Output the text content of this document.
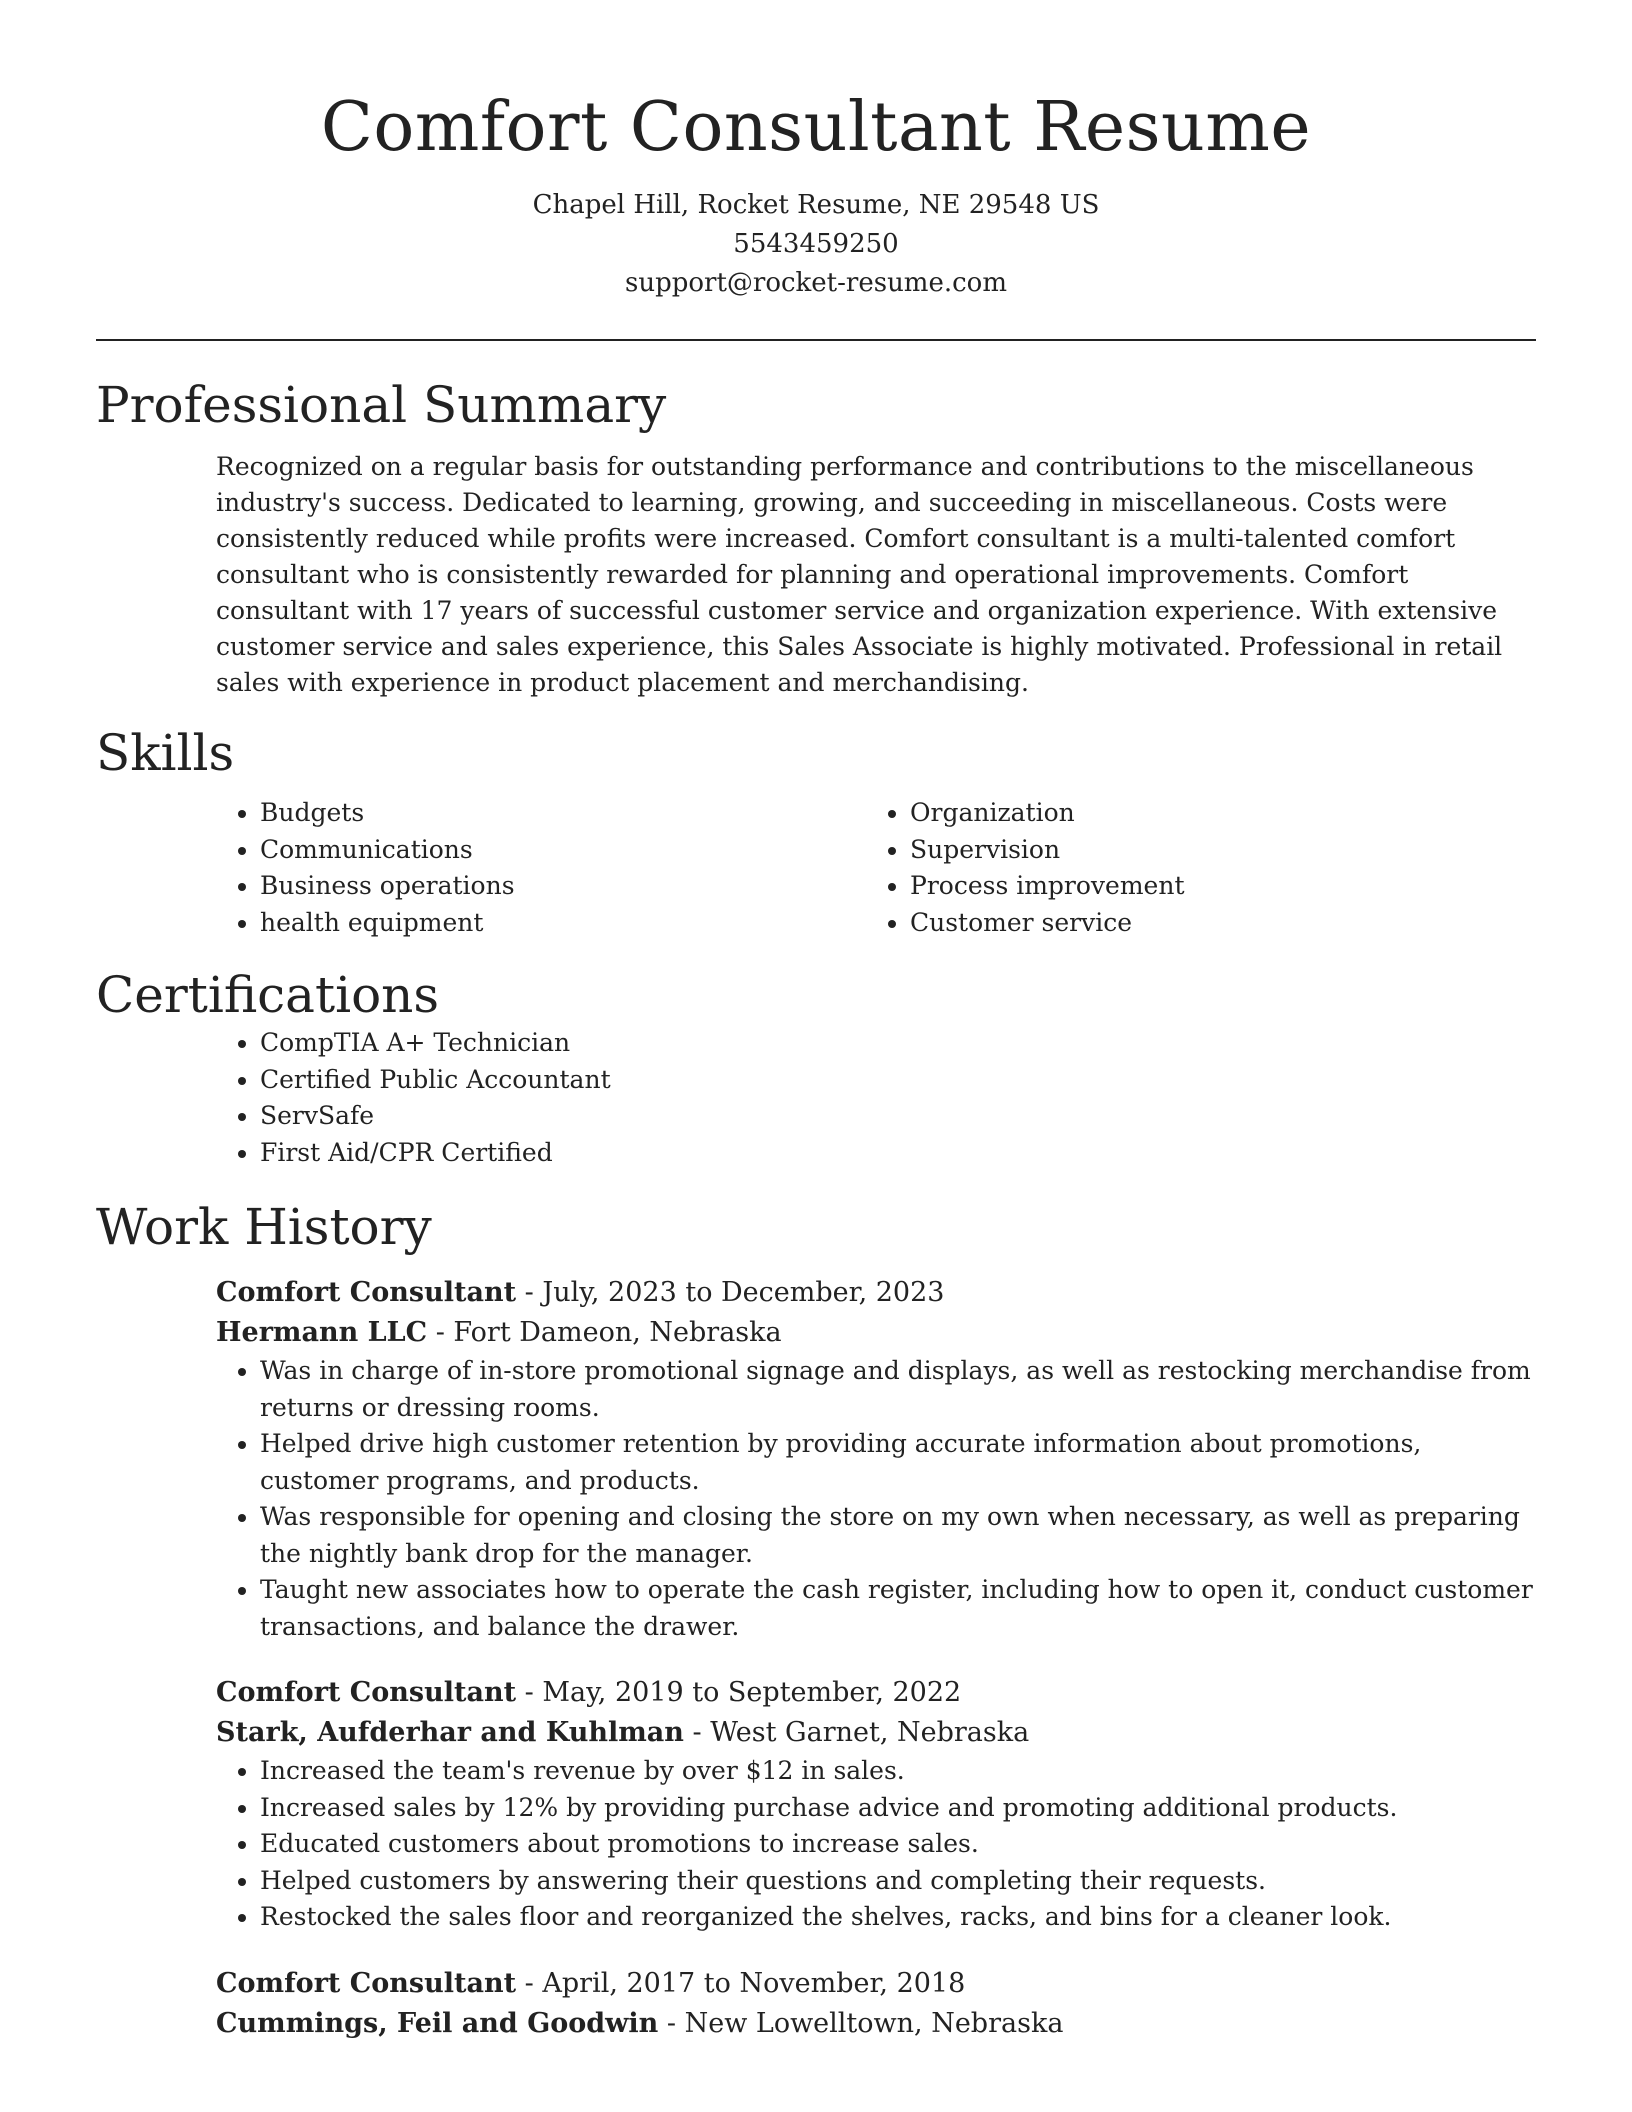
Comfort Consultant Resume
Chapel Hill, Rocket Resume, NE 29548 US
5543459250
support@rocket-resume.com
Professional Summary

Recognized on a regular basis for outstanding performance and contributions to the miscellaneous industry's success. Dedicated to learning, growing, and succeeding in miscellaneous. Costs were consistently reduced while profits were increased. Comfort consultant is a multi-talented comfort consultant who is consistently rewarded for planning and operational improvements. Comfort consultant with 17 years of successful customer service and organization experience. With extensive customer service and sales experience, this Sales Associate is highly motivated. Professional in retail sales with experience in product placement and merchandising.

Skills
• Budgets
• Communications
• Business operations
• health equipment
• Organization
• Supervision
• Process improvement
• Customer service
Certifications
• CompTIA A+ Technician
• Certified Public Accountant
• ServSafe
• First Aid/CPR Certified
Work History
Comfort Consultant - July, 2023 to December, 2023
Hermann LLC - Fort Dameon, Nebraska
• Was in charge of in-store promotional signage and displays, as well as restocking merchandise from returns or dressing rooms.
• Helped drive high customer retention by providing accurate information about promotions, customer programs, and products.
• Was responsible for opening and closing the store on my own when necessary, as well as preparing the nightly bank drop for the manager.
• Taught new associates how to operate the cash register, including how to open it, conduct customer transactions, and balance the drawer.
Comfort Consultant - May, 2019 to September, 2022
Stark, Aufderhar and Kuhlman - West Garnet, Nebraska
• Increased the team's revenue by over $12 in sales.
• Increased sales by 12% by providing purchase advice and promoting additional products.
• Educated customers about promotions to increase sales.
• Helped customers by answering their questions and completing their requests.
• Restocked the sales floor and reorganized the shelves, racks, and bins for a cleaner look.
Comfort Consultant - April, 2017 to November, 2018
Cummings, Feil and Goodwin - New Lowelltown, Nebraska
